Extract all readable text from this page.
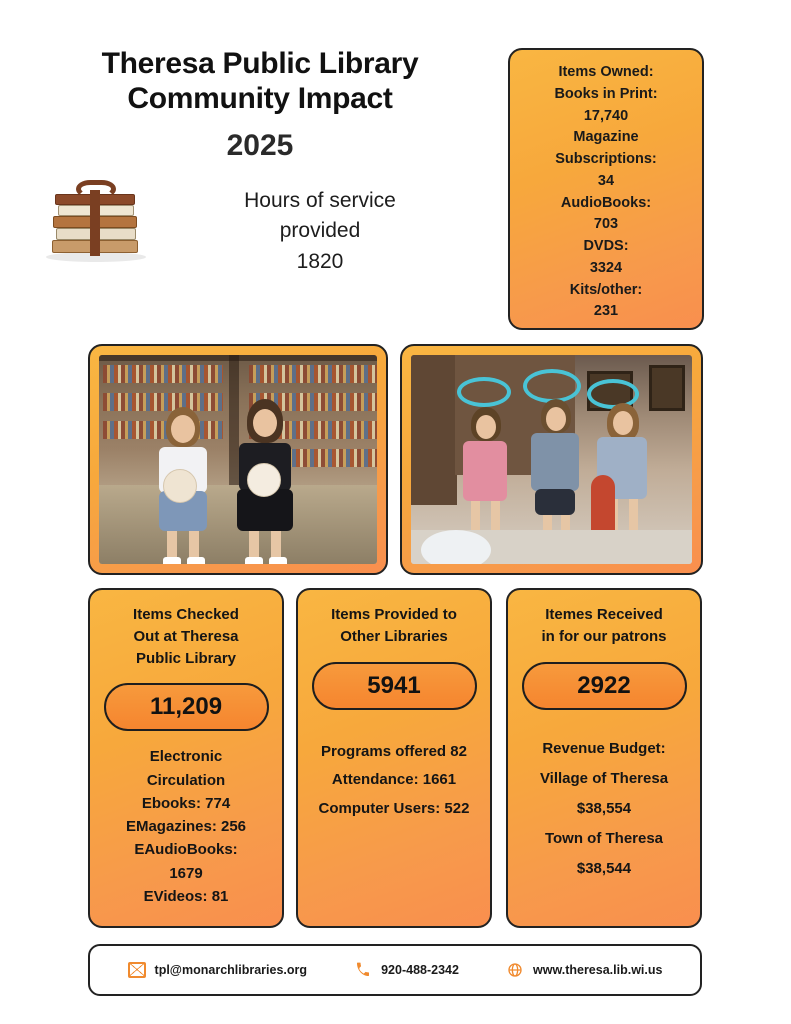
Theresa Public Library
Community Impact
2025
Hours of service
provided
1820
Items Owned:
Books in Print:
17,740
Magazine
Subscriptions:
34
AudioBooks:
703
DVDS:
3324
Kits/other:
231
Items Checked
Out at Theresa
Public Library
11,209
Electronic
Circulation
Ebooks: 774
EMagazines: 256
EAudioBooks:
1679
EVideos: 81
Items Provided to
Other Libraries
5941
Programs offered 82
Attendance: 1661
Computer Users: 522
Itemes Received
in for our patrons
2922
Revenue Budget:
Village of Theresa
$38,554
Town of Theresa
$38,544
tpl@monarchlibraries.org	920-488-2342	www.theresa.lib.wi.us
